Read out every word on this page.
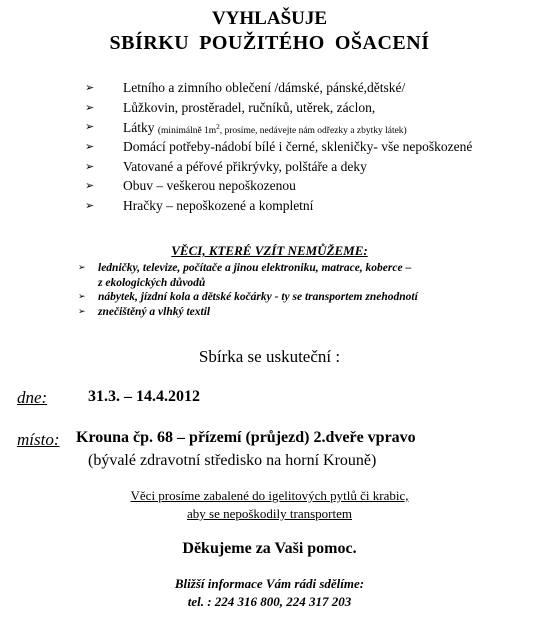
VYHLAŠUJE
SBÍRKU POUŽITÉHO OŠACENÍ
➢ Letního a zimního oblečení /dámské, pánské,dětské/
➢ Lůžkovin, prostěradel, ručníků, utěrek, záclon,
➢ Látky (minimálně $1m^2$, prosíme, nedávejte nám odřezky a zbytky látek)
➢ Domácí potřeby-nádobí bílé i černé, skleničky- vše nepoškozené
➢ Vatované a péřové přikrývky, polštáře a deky
➢ Obuv – veškerou nepoškozenou
➢ Hračky – nepoškozené a kompletní
VĚCI, KTERÉ VZÍT NEMŮŽEME:
➢ ledničky, televize, počítače a jinou elektroniku, matrace, koberce –
z ekologických důvodů
➢ nábytek, jízdní kola a dětské kočárky - ty se transportem znehodnotí
➢ znečištěný a vlhký textil
Sbírka se uskuteční :
dne:	31.3. – 14.4.2012
místo: Krouna čp. 68 – přízemí (průjezd) 2.dveře vpravo
(bývalé zdravotní středisko na horní Krouně)
Věci prosíme zabalené do igelitových pytlů či krabic,
aby se nepoškodily transportem
Děkujeme za Vaši pomoc.
Bližší informace Vám rádi sdělíme:
tel. : 224 316 800, 224 317 203
